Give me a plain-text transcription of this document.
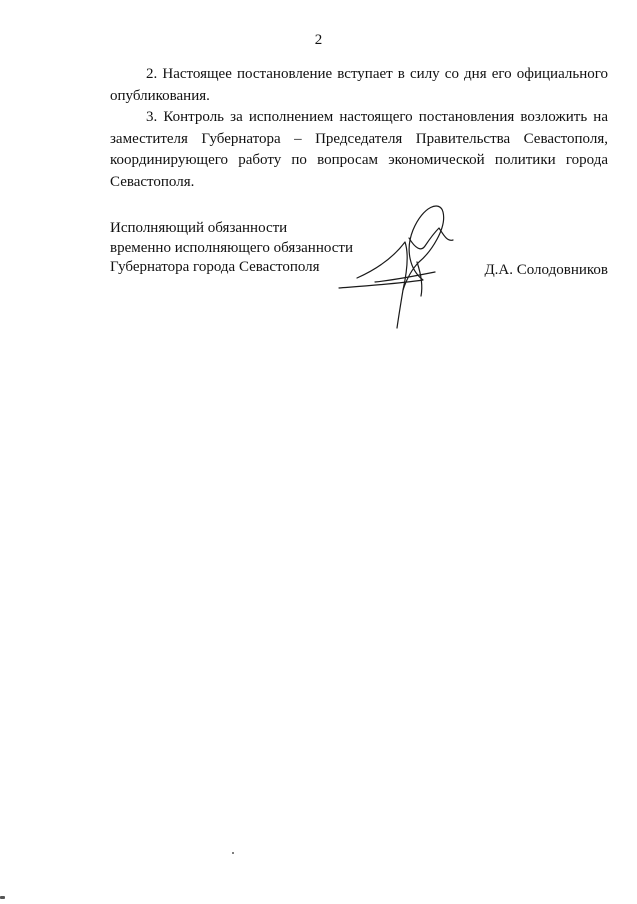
2

2. Настоящее постановление вступает в силу со дня его официального опубликования.

3. Контроль за исполнением настоящего постановления возложить на заместителя Губернатора – Председателя Правительства Севастополя, координирующего работу по вопросам экономической политики города Севастополя.

Исполняющий обязанности
временно исполняющего обязанности
Губернатора города Севастополя	Д.А. Солодовников
